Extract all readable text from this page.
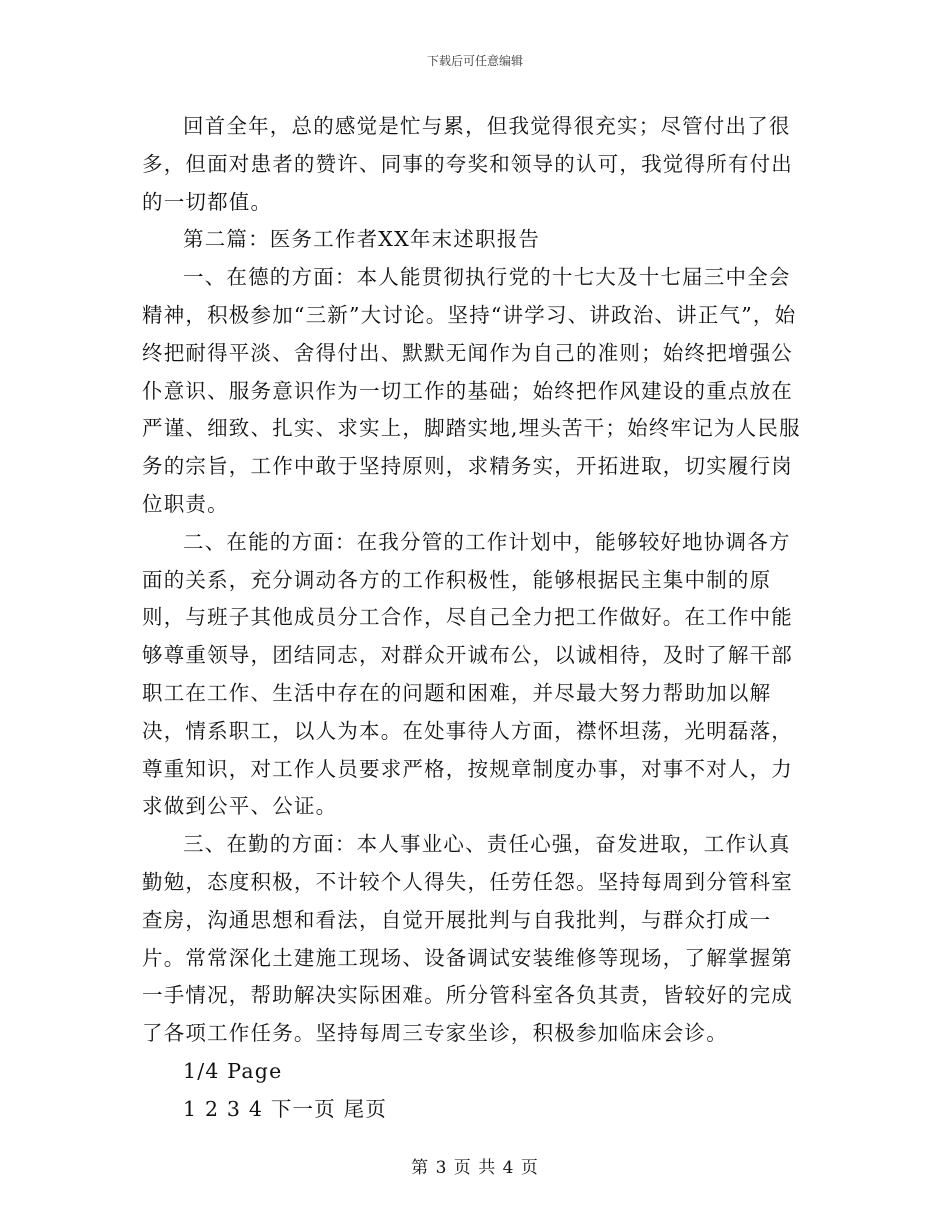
下载后可任意编辑

回首全年，总的感觉是忙与累，但我觉得很充实；尽管付出了很多，但面对患者的赞许、同事的夸奖和领导的认可，我觉得所有付出的一切都值。

第二篇：医务工作者XX年末述职报告

一、在德的方面：本人能贯彻执行党的十七大及十七届三中全会精神，积极参加“三新”大讨论。坚持“讲学习、讲政治、讲正气”，始终把耐得平淡、舍得付出、默默无闻作为自己的准则；始终把增强公仆意识、服务意识作为一切工作的基础；始终把作风建设的重点放在严谨、细致、扎实、求实上，脚踏实地,埋头苦干；始终牢记为人民服务的宗旨，工作中敢于坚持原则，求精务实，开拓进取，切实履行岗位职责。

二、在能的方面：在我分管的工作计划中，能够较好地协调各方面的关系，充分调动各方的工作积极性，能够根据民主集中制的原则，与班子其他成员分工合作，尽自己全力把工作做好。在工作中能够尊重领导，团结同志，对群众开诚布公，以诚相待，及时了解干部职工在工作、生活中存在的问题和困难，并尽最大努力帮助加以解决，情系职工，以人为本。在处事待人方面，襟怀坦荡，光明磊落，尊重知识，对工作人员要求严格，按规章制度办事，对事不对人，力求做到公平、公证。

三、在勤的方面：本人事业心、责任心强，奋发进取，工作认真勤勉，态度积极，不计较个人得失，任劳任怨。坚持每周到分管科室查房，沟通思想和看法，自觉开展批判与自我批判，与群众打成一片。常常深化土建施工现场、设备调试安装维修等现场，了解掌握第一手情况，帮助解决实际困难。所分管科室各负其责，皆较好的完成了各项工作任务。坚持每周三专家坐诊，积极参加临床会诊。

1/4 Page

1 2 3 4 下一页 尾页

第 3 页 共 4 页
